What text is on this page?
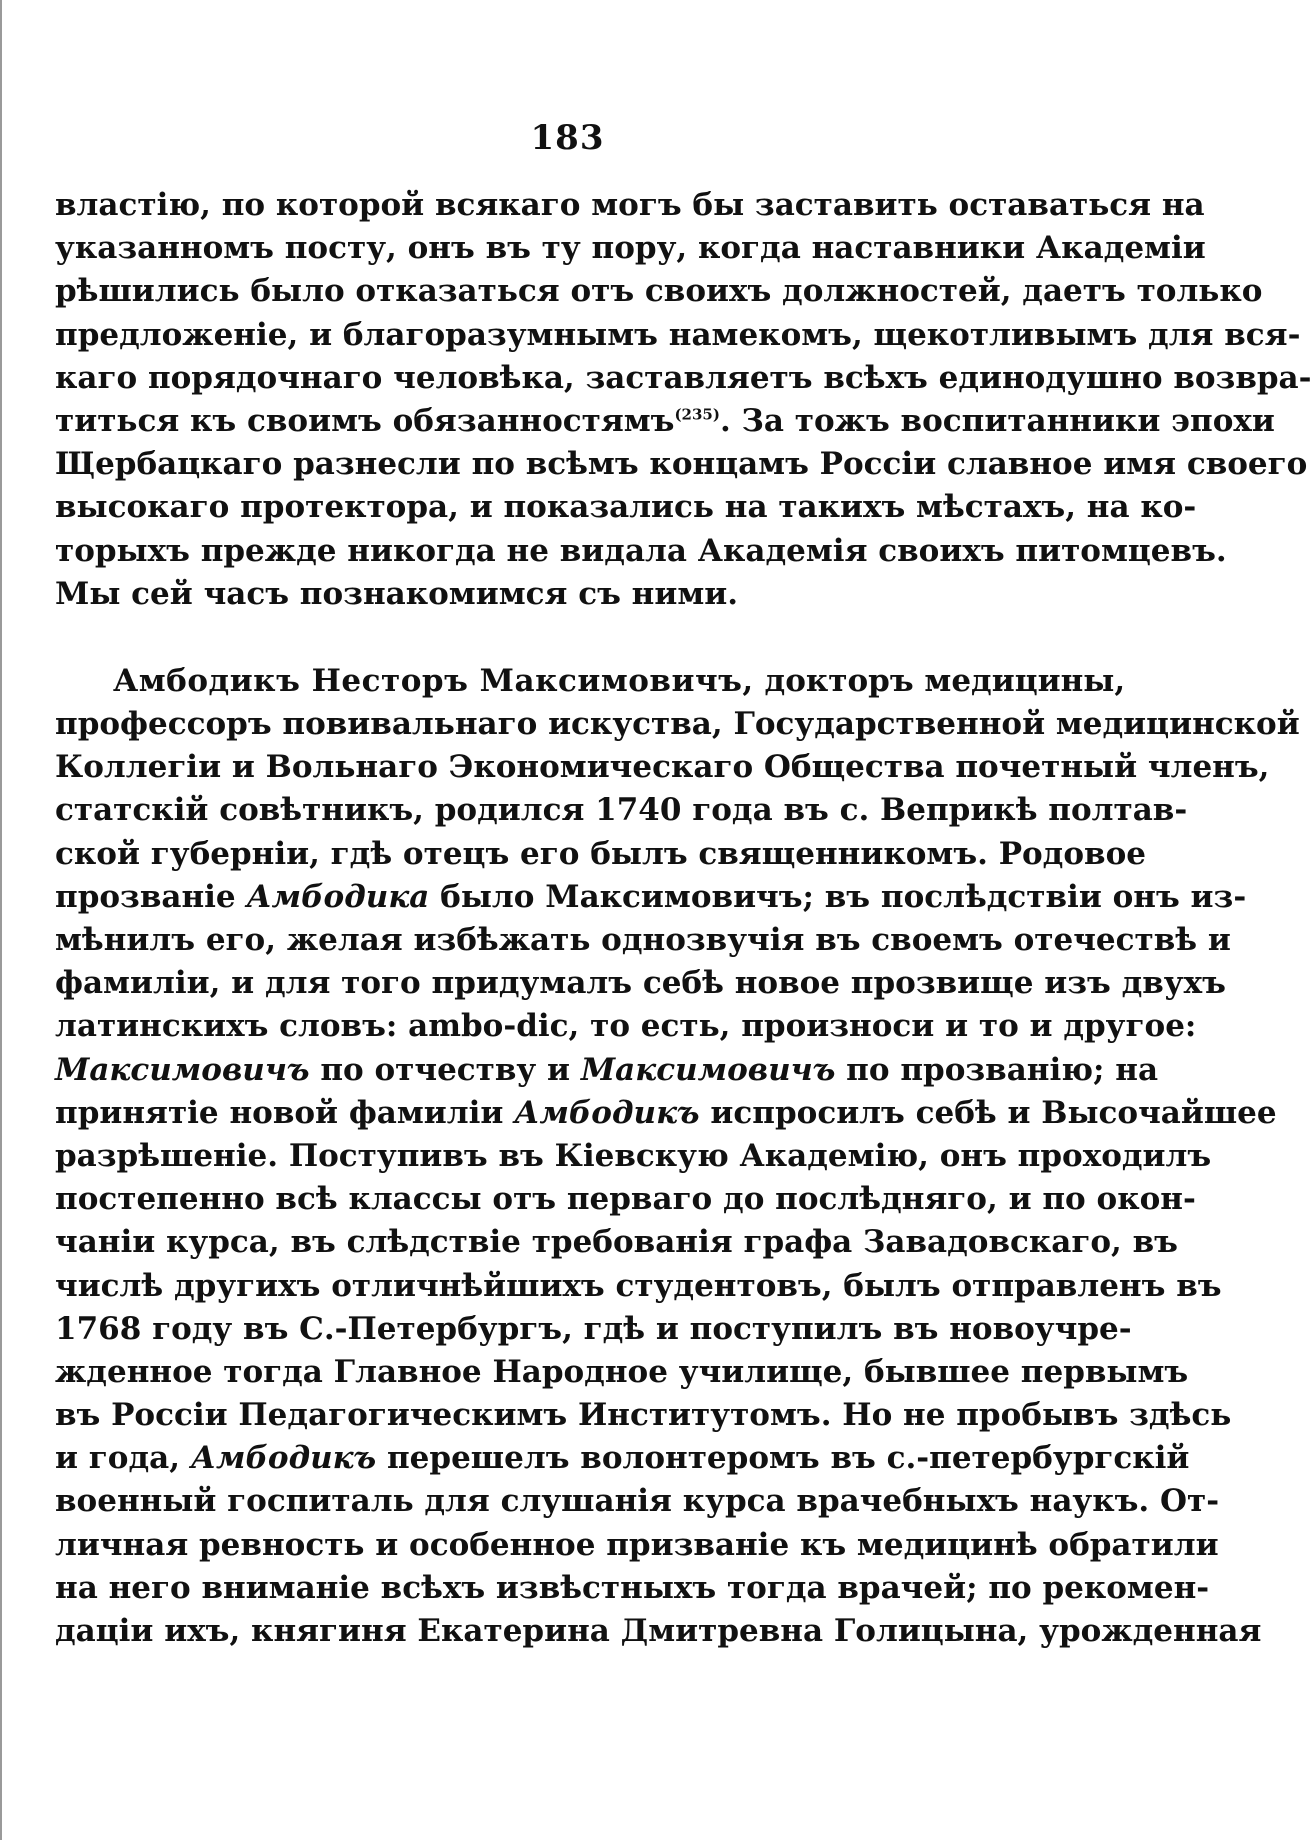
183
властію, по которой всякаго могъ бы заставить оставаться на
указанномъ посту, онъ въ ту пору, когда наставники Академіи
рѣшились было отказаться отъ своихъ должностей, даетъ только
предложеніе, и благоразумнымъ намекомъ, щекотливымъ для вся-
каго порядочнаго человѣка, заставляетъ всѣхъ единодушно возвра-
титься къ своимъ обязанностямъ$^{(235)}$. За тожъ воспитанники эпохи
Щербацкаго разнесли по всѣмъ концамъ Россіи славное имя своего
высокаго протектора, и показались на такихъ мѣстахъ, на ко-
торыхъ прежде никогда не видала Академія своихъ питомцевъ.
Мы сей часъ познакомимся съ ними.
Амбодикъ Несторъ Максимовичъ, докторъ медицины,
профессоръ повивальнаго искуства, Государственной медицинской
Коллегіи и Вольнаго Экономическаго Общества почетный членъ,
статскій совѣтникъ, родился 1740 года въ с. Веприкѣ полтав-
ской губерніи, гдѣ отецъ его былъ священникомъ. Родовое
прозваніе Амбодика было Максимовичъ; въ послѣдствіи онъ из-
мѣнилъ его, желая избѣжать однозвучія въ своемъ отечествѣ и
фамиліи, и для того придумалъ себѣ новое прозвище изъ двухъ
латинскихъ словъ: ambo-dic, то есть, произноси и то и другое:
Максимовичъ по отчеству и Максимовичъ по прозванію; на
принятіе новой фамиліи Амбодикъ испросилъ себѣ и Высочайшее
разрѣшеніе. Поступивъ въ Кіевскую Академію, онъ проходилъ
постепенно всѣ классы отъ перваго до послѣдняго, и по окон-
чаніи курса, въ слѣдствіе требованія графа Завадовскаго, въ
числѣ другихъ отличнѣйшихъ студентовъ, былъ отправленъ въ
1768 году въ С.-Петербургъ, гдѣ и поступилъ въ новоучре-
жденное тогда Главное Народное училище, бывшее первымъ
въ Россіи Педагогическимъ Институтомъ. Но не пробывъ здѣсь
и года, Амбодикъ перешелъ волонтеромъ въ с.-петербургскій
военный госпиталь для слушанія курса врачебныхъ наукъ. От-
личная ревность и особенное призваніе къ медицинѣ обратили
на него вниманіе всѣхъ извѣстныхъ тогда врачей; по рекомен-
даціи ихъ, княгиня Екатерина Дмитревна Голицына, урожденная
